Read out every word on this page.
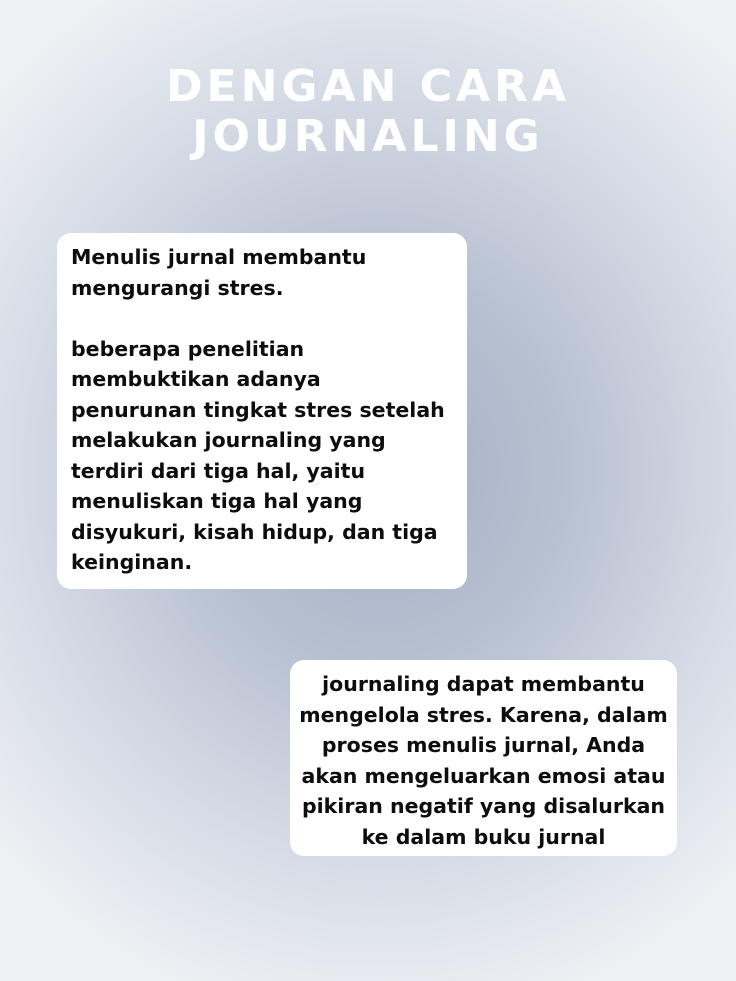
DENGAN CARA
JOURNALING

Menulis jurnal membantu mengurangi stres.

beberapa penelitian membuktikan adanya penurunan tingkat stres setelah melakukan journaling yang terdiri dari tiga hal, yaitu menuliskan tiga hal yang disyukuri, kisah hidup, dan tiga keinginan.

journaling dapat membantu mengelola stres. Karena, dalam proses menulis jurnal, Anda akan mengeluarkan emosi atau pikiran negatif yang disalurkan ke dalam buku jurnal
